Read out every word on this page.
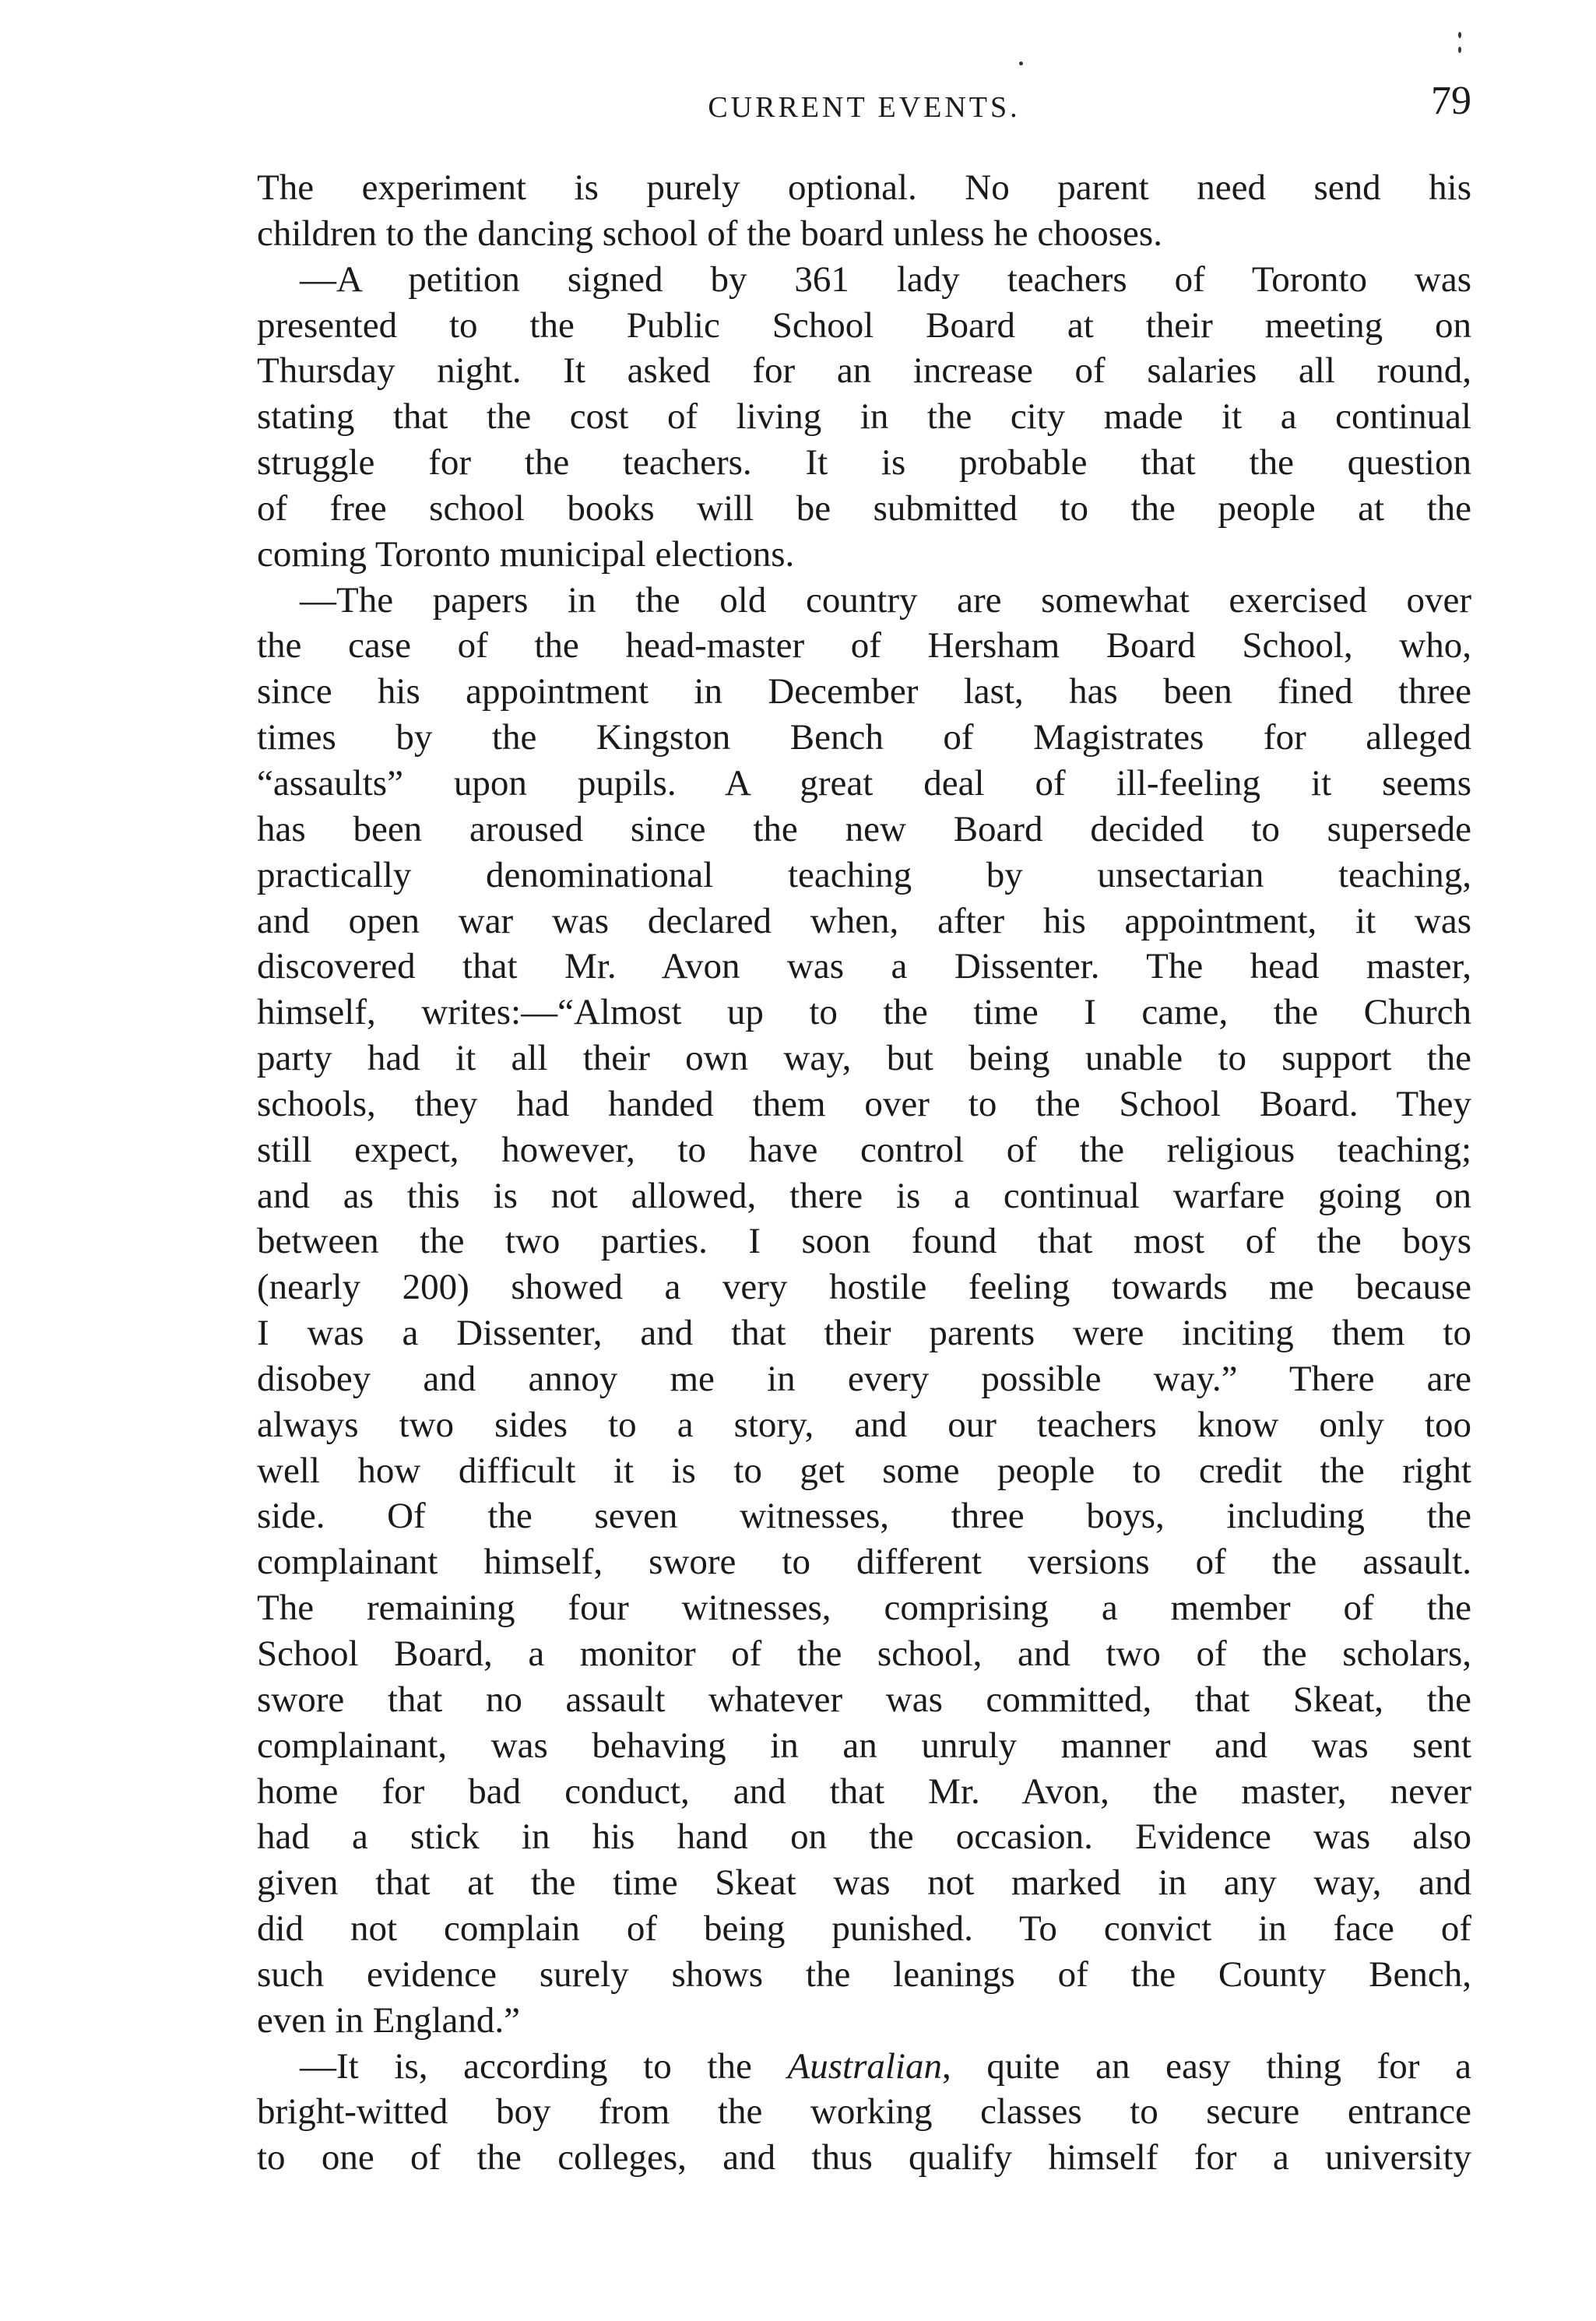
CURRENT EVENTS.	79
The experiment is purely optional. No parent need send his
children to the dancing school of the board unless he chooses.
—A petition signed by 361 lady teachers of Toronto was
presented to the Public School Board at their meeting on
Thursday night. It asked for an increase of salaries all round,
stating that the cost of living in the city made it a continual
struggle for the teachers. It is probable that the question
of free school books will be submitted to the people at the
coming Toronto municipal elections.
—The papers in the old country are somewhat exercised over
the case of the head-master of Hersham Board School, who,
since his appointment in December last, has been fined three
times by the Kingston Bench of Magistrates for alleged
“assaults” upon pupils. A great deal of ill-feeling it seems
has been aroused since the new Board decided to supersede
practically denominational teaching by unsectarian teaching,
and open war was declared when, after his appointment, it was
discovered that Mr. Avon was a Dissenter. The head master,
himself, writes:—“Almost up to the time I came, the Church
party had it all their own way, but being unable to support the
schools, they had handed them over to the School Board. They
still expect, however, to have control of the religious teaching;
and as this is not allowed, there is a continual warfare going on
between the two parties. I soon found that most of the boys
(nearly 200) showed a very hostile feeling towards me because
I was a Dissenter, and that their parents were inciting them to
disobey and annoy me in every possible way.” There are
always two sides to a story, and our teachers know only too
well how difficult it is to get some people to credit the right
side. Of the seven witnesses, three boys, including the
complainant himself, swore to different versions of the assault.
The remaining four witnesses, comprising a member of the
School Board, a monitor of the school, and two of the scholars,
swore that no assault whatever was committed, that Skeat, the
complainant, was behaving in an unruly manner and was sent
home for bad conduct, and that Mr. Avon, the master, never
had a stick in his hand on the occasion. Evidence was also
given that at the time Skeat was not marked in any way, and
did not complain of being punished. To convict in face of
such evidence surely shows the leanings of the County Bench,
even in England.”
—It is, according to the Australian, quite an easy thing for a
bright-witted boy from the working classes to secure entrance
to one of the colleges, and thus qualify himself for a university
